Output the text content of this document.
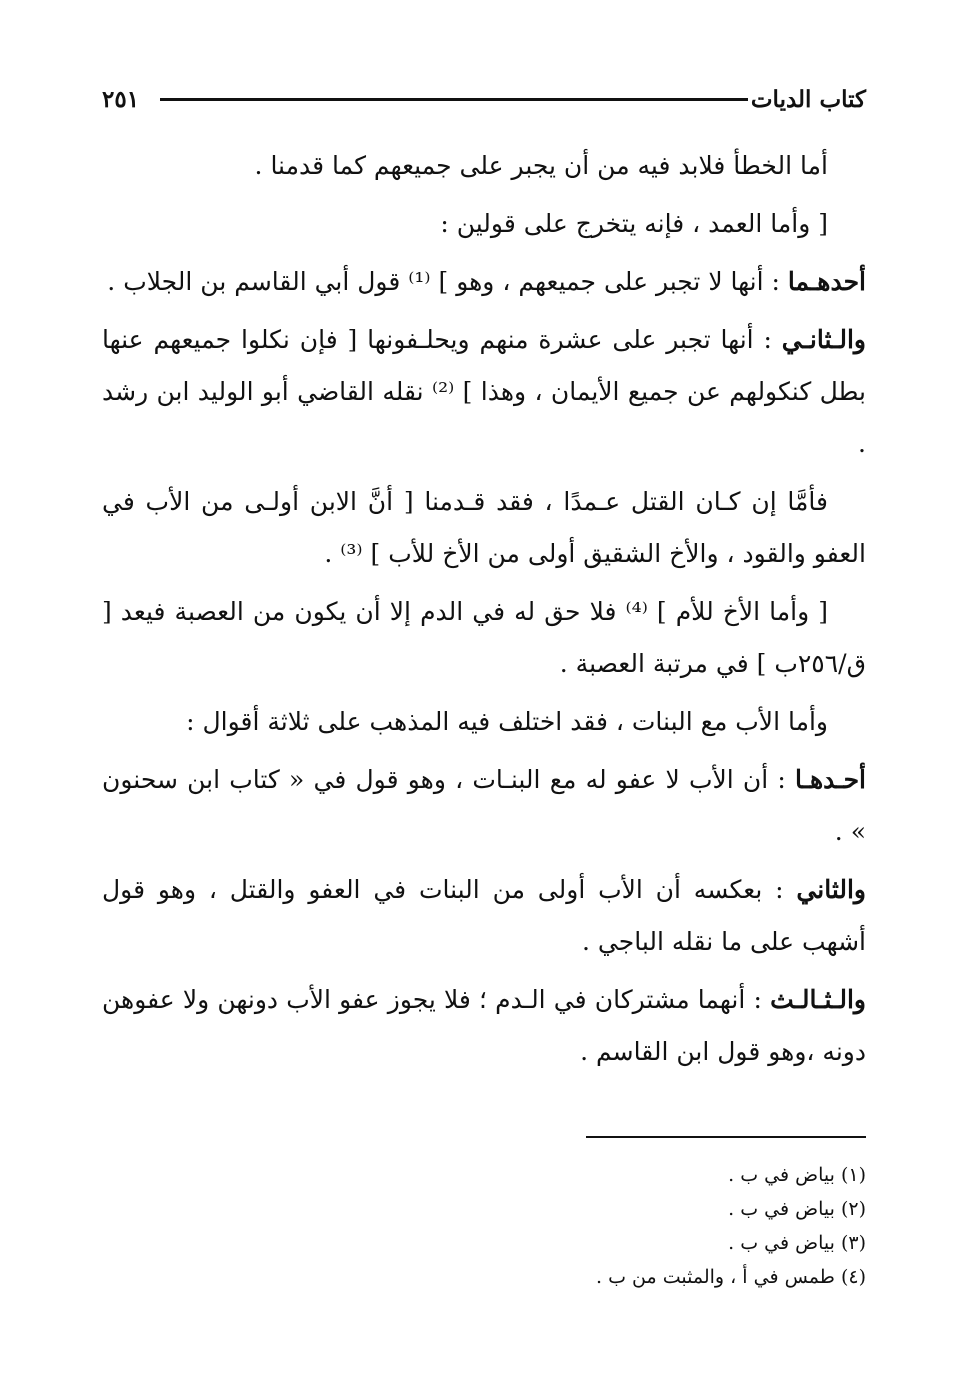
كتاب الديات
٢٥١

أما الخطأ فلابد فيه من أن يجبر على جميعهم كما قدمنا .

[ وأما العمد ، فإنه يتخرج على قولين :

أحدهـما : أنها لا تجبر على جميعهم ، وهو ] ⁽¹⁾ قول أبي القاسم بن الجلاب .

والـثانـي : أنها تجبر على عشرة منهم ويحلـفونها [ فإن نكلوا جميعهم عنها بطل كنكولهم عن جميع الأيمان ، وهذا ] ⁽²⁾ نقله القاضي أبو الوليد ابن رشد .

فأمَّا إن كـان القتل عـمدًا ، فقد قـدمنا [ أنَّ الابن أولـى من الأب في العفو والقود ، والأخ الشقيق أولى من الأخ للأب ] ⁽³⁾ .

[ وأما الأخ للأم ] ⁽⁴⁾ فلا حق له في الدم إلا أن يكون من العصبة فيعد [ ق/٢٥٦ب ] في مرتبة العصبة .

وأما الأب مع البنات ، فقد اختلف فيه المذهب على ثلاثة أقوال :

أحـدهـا : أن الأب لا عفو له مع البنـات ، وهو قول في « كتاب ابن سحنون » .

والثاني : بعكسه أن الأب أولى من البنات في العفو والقتل ، وهو قول أشهب على ما نقله الباجي .

والـثـالـث : أنهما مشتركان في الـدم ؛ فلا يجوز عفو الأب دونهن ولا عفوهن دونه ،وهو قول ابن القاسم .

(١) بياض في ب .
(٢) بياض في ب .
(٣) بياض في ب .
(٤) طمس في أ ، والمثبت من ب .
